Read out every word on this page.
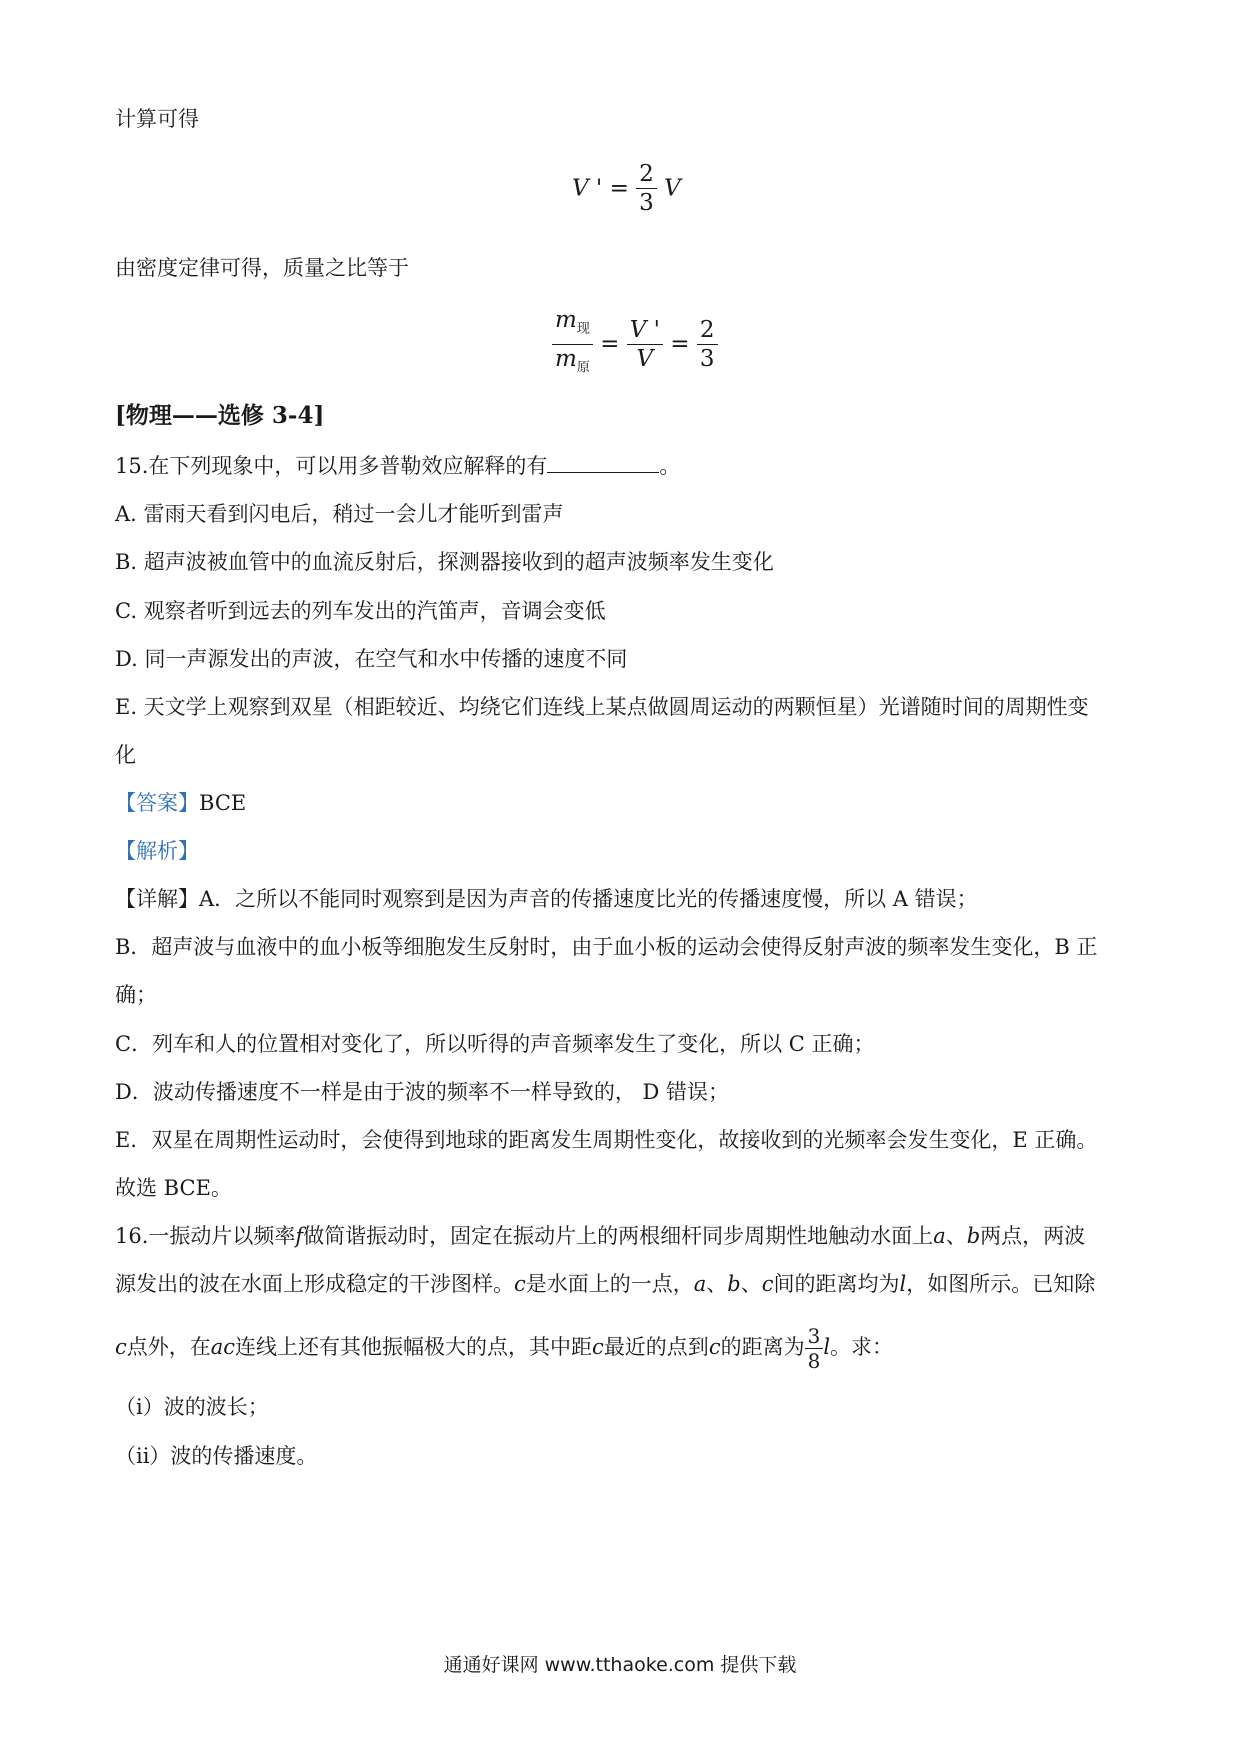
计算可得
V ' = $\frac{2}{3}$ V
由密度定律可得，质量之比等于
$\frac{m_现}{m_原} = \frac{V '}{V} = \frac{2}{3}$
[物理——选修 3-4]
15.在下列现象中，可以用多普勒效应解释的有	。
A. 雷雨天看到闪电后，稍过一会儿才能听到雷声
B. 超声波被血管中的血流反射后，探测器接收到的超声波频率发生变化
C. 观察者听到远去的列车发出的汽笛声，音调会变低
D. 同一声源发出的声波，在空气和水中传播的速度不同
E. 天文学上观察到双星（相距较近、均绕它们连线上某点做圆周运动的两颗恒星）光谱随时间的周期性变
化
【答案】BCE
【解析】
【详解】A．之所以不能同时观察到是因为声音的传播速度比光的传播速度慢，所以 A 错误；
B．超声波与血液中的血小板等细胞发生反射时，由于血小板的运动会使得反射声波的频率发生变化，B 正
确；
C．列车和人的位置相对变化了，所以听得的声音频率发生了变化，所以 C 正确；
D．波动传播速度不一样是由于波的频率不一样导致的， D 错误；
E．双星在周期性运动时，会使得到地球的距离发生周期性变化，故接收到的光频率会发生变化，E 正确。
故选 BCE。
16.一振动片以频率f做简谐振动时，固定在振动片上的两根细杆同步周期性地触动水面上a、b两点，两波
源发出的波在水面上形成稳定的干涉图样。c是水面上的一点，a、b、c间的距离均为l，如图所示。已知除
c点外，在ac连线上还有其他振幅极大的点，其中距c最近的点到c的距离为 $\frac{3}{8}$ l。求：
（i）波的波长；
（ii）波的传播速度。
通通好课网 www.tthaoke.com 提供下载
